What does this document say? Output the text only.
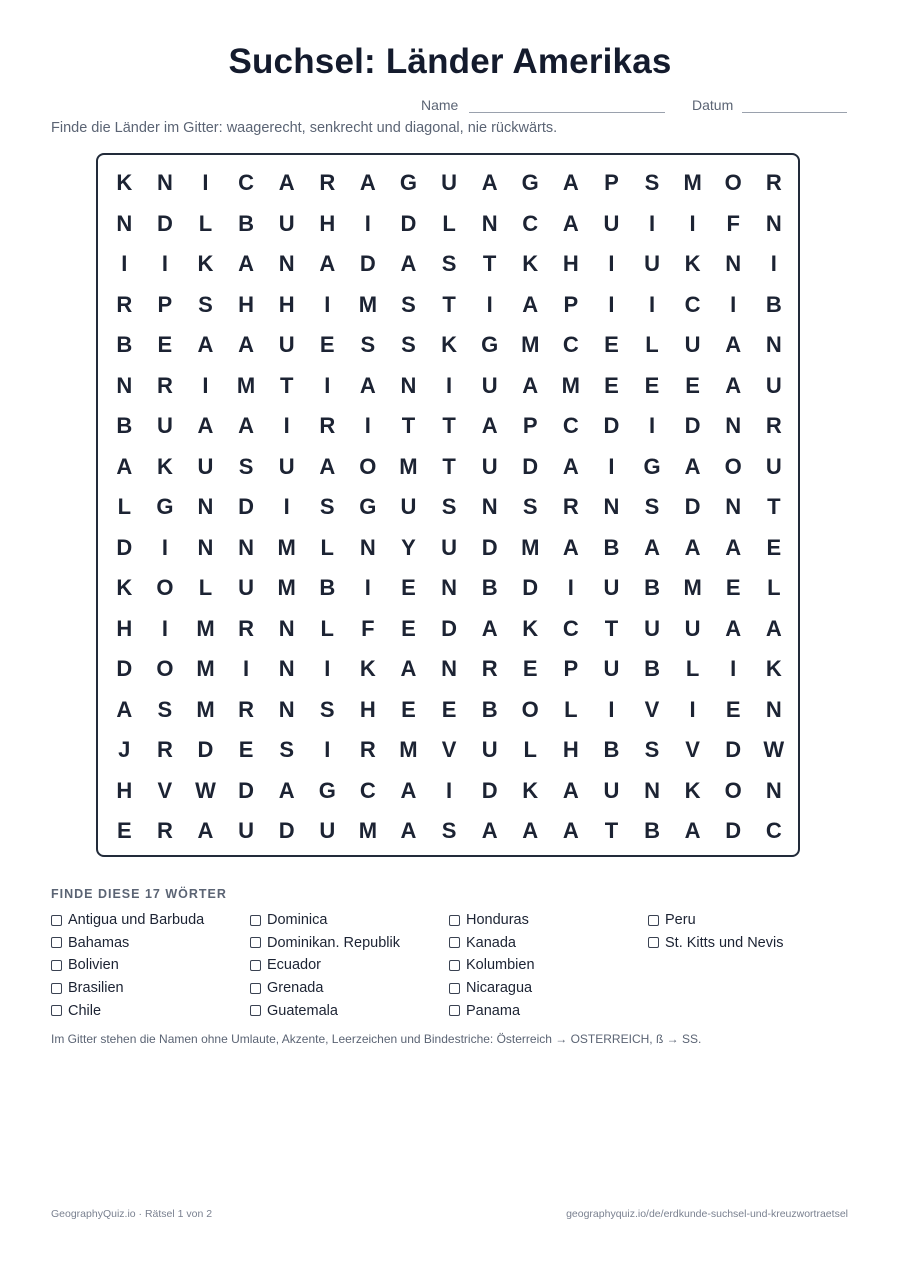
Suchsel: Länder Amerikas
Name	Datum
Finde die Länder im Gitter: waagerecht, senkrecht und diagonal, nie rückwärts.
K	N	I	C	A	R	A	G	U	A	G	A	P	S	M	O	R
N	D	L	B	U	H	I	D	L	N	C	A	U	I	I	F	N
I	I	K	A	N	A	D	A	S	T	K	H	I	U	K	N	I
R	P	S	H	H	I	M	S	T	I	A	P	I	I	C	I	B
B	E	A	A	U	E	S	S	K	G	M	C	E	L	U	A	N
N	R	I	M	T	I	A	N	I	U	A	M	E	E	E	A	U
B	U	A	A	I	R	I	T	T	A	P	C	D	I	D	N	R
A	K	U	S	U	A	O	M	T	U	D	A	I	G	A	O	U
L	G	N	D	I	S	G	U	S	N	S	R	N	S	D	N	T
D	I	N	N	M	L	N	Y	U	D	M	A	B	A	A	A	E
K	O	L	U	M	B	I	E	N	B	D	I	U	B	M	E	L
H	I	M	R	N	L	F	E	D	A	K	C	T	U	U	A	A
D	O	M	I	N	I	K	A	N	R	E	P	U	B	L	I	K
A	S	M	R	N	S	H	E	E	B	O	L	I	V	I	E	N
J	R	D	E	S	I	R	M	V	U	L	H	B	S	V	D	W
H	V	W	D	A	G	C	A	I	D	K	A	U	N	K	O	N
E	R	A	U	D	U	M	A	S	A	A	A	T	B	A	D	C
FINDE DIESE 17 WÖRTER
Antigua und Barbuda
Bahamas
Bolivien
Brasilien
Chile
Dominica
Dominikan. Republik
Ecuador
Grenada
Guatemala
Honduras
Kanada
Kolumbien
Nicaragua
Panama
Peru
St. Kitts und Nevis
Im Gitter stehen die Namen ohne Umlaute, Akzente, Leerzeichen und Bindestriche: Österreich → OSTERREICH, ß → SS.
GeographyQuiz.io · Rätsel 1 von 2	geographyquiz.io/de/erdkunde-suchsel-und-kreuzwortraetsel
